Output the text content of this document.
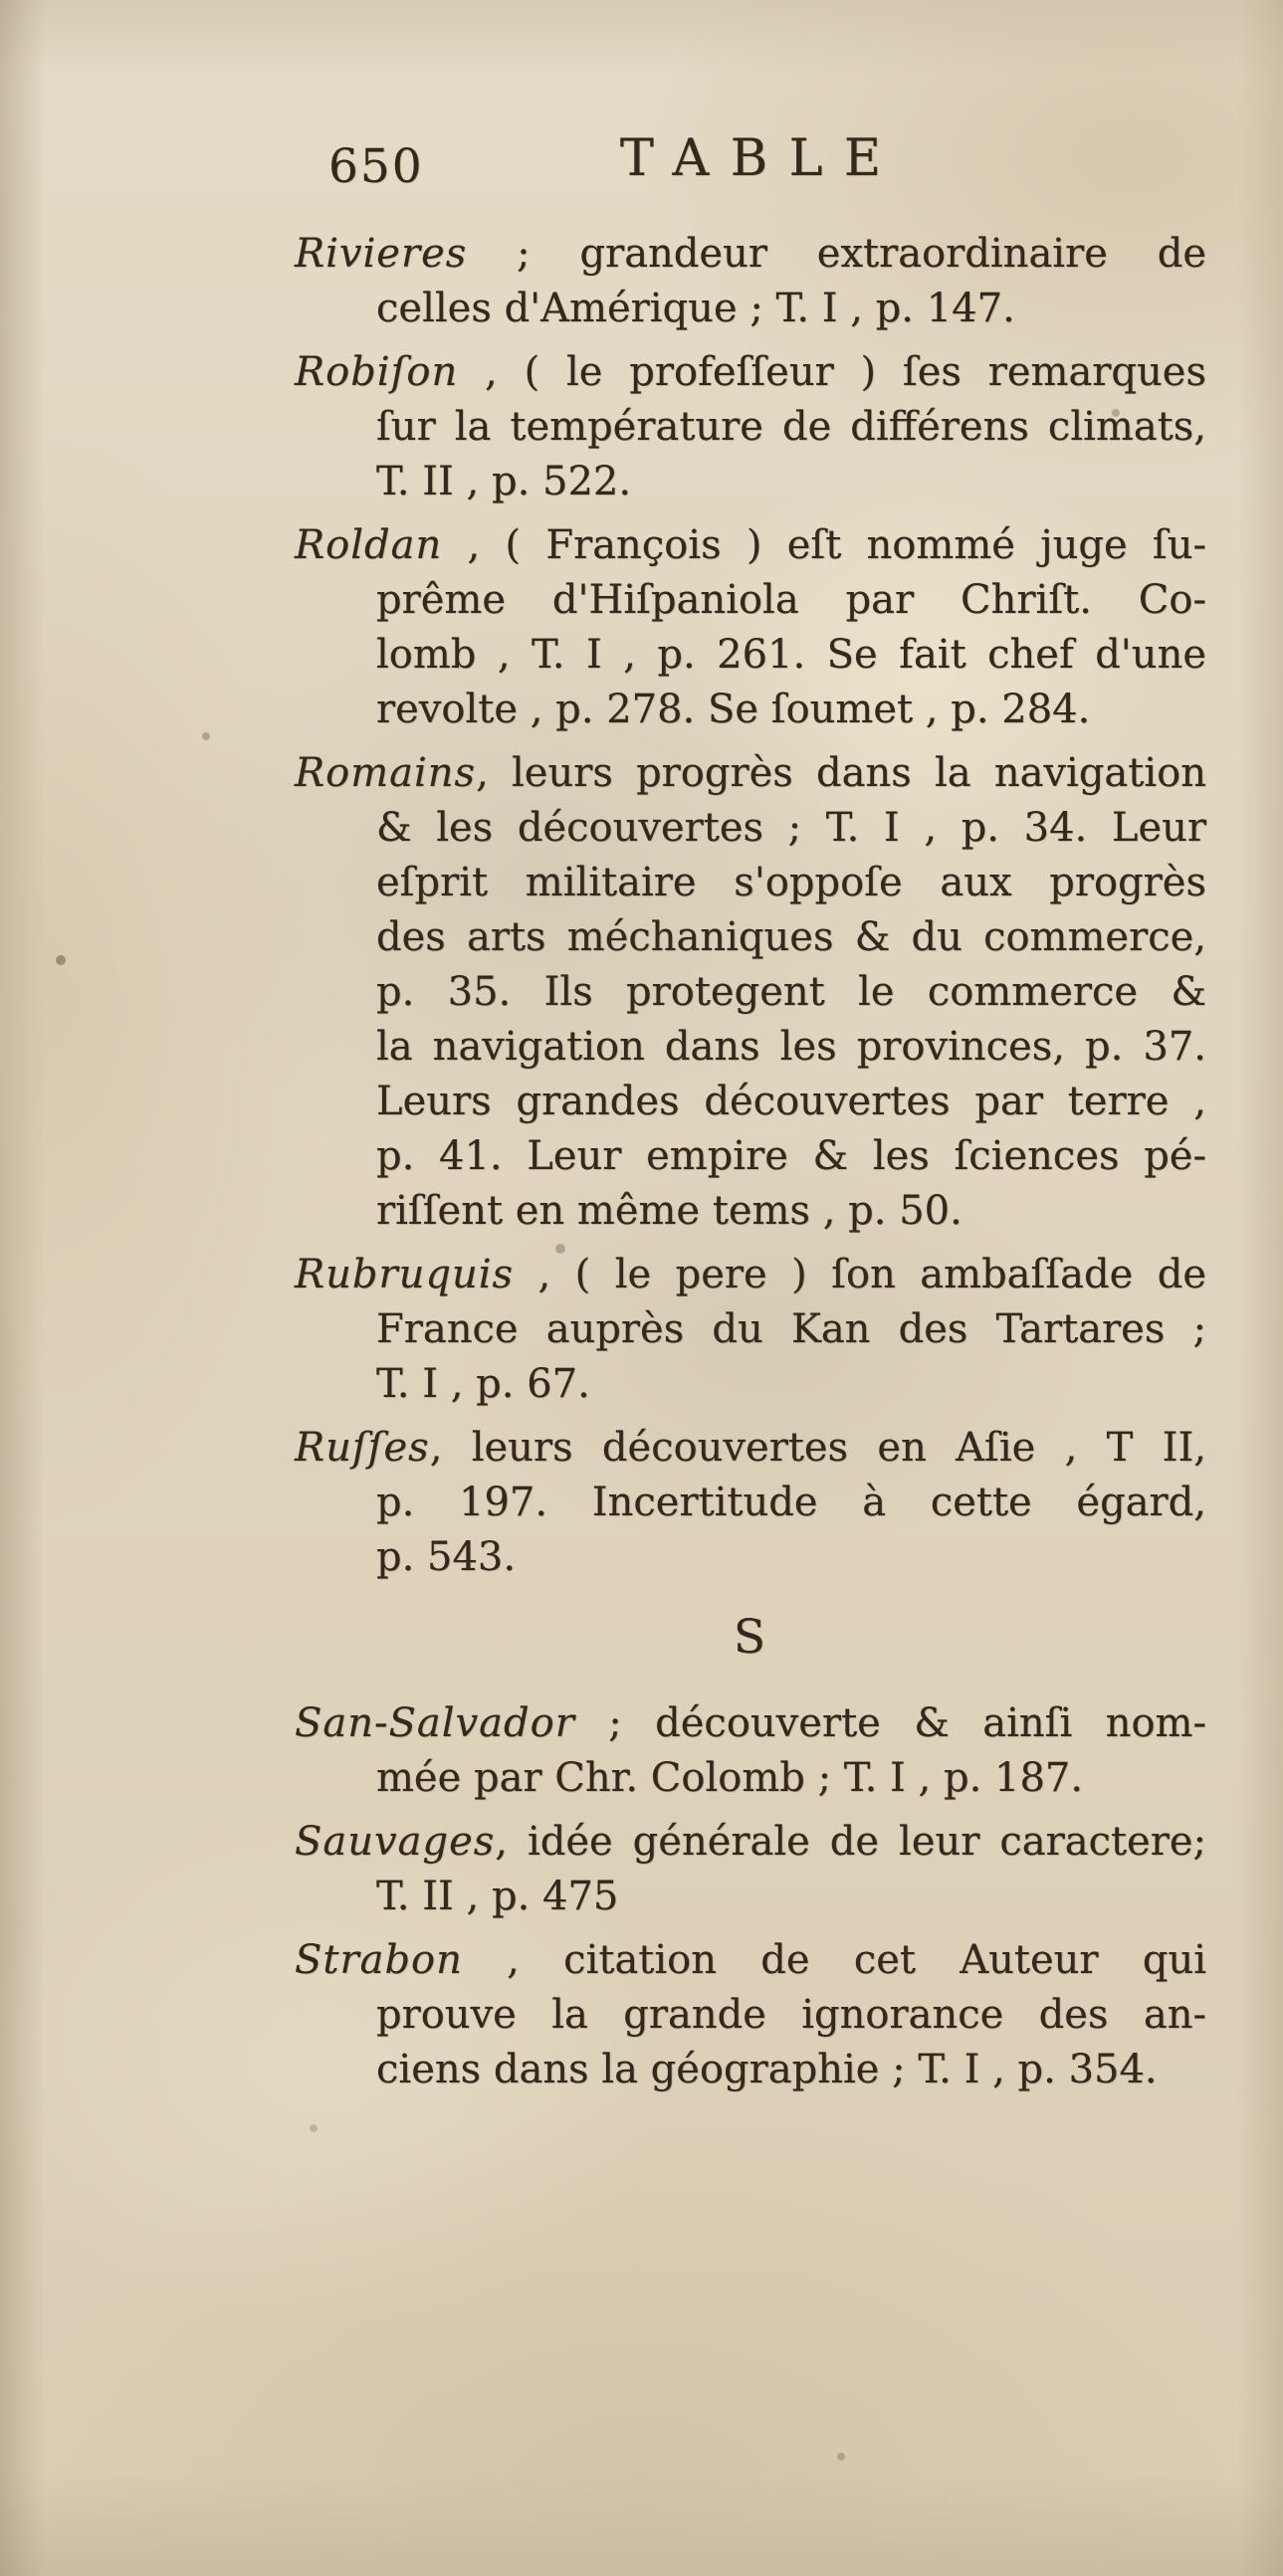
650	TABLE
Rivieres ; grandeur extraordinaire de
celles d'Amérique ; T. I , p. 147.
Robiſon , ( le profeſſeur ) ſes remarques
ſur la température de différens climats,
T. II , p. 522.
Roldan , ( François ) eſt nommé juge ſu-
prême d'Hiſpaniola par Chriſt. Co-
lomb , T. I , p. 261. Se fait chef d'une
revolte , p. 278. Se ſoumet , p. 284.
Romains, leurs progrès dans la navigation
& les découvertes ; T. I , p. 34. Leur
eſprit militaire s'oppoſe aux progrès
des arts méchaniques & du commerce,
p. 35. Ils protegent le commerce &
la navigation dans les provinces, p. 37.
Leurs grandes découvertes par terre ,
p. 41. Leur empire & les ſciences pé-
riſſent en même tems , p. 50.
Rubruquis , ( le pere ) ſon ambaſſade de
France auprès du Kan des Tartares ;
T. I , p. 67.
Ruſſes, leurs découvertes en Aſie , T II,
p. 197. Incertitude à cette égard,
p. 543.
S
San-Salvador ; découverte & ainſi nom-
mée par Chr. Colomb ; T. I , p. 187.
Sauvages, idée générale de leur caractere;
T. II , p. 475
Strabon , citation de cet Auteur qui
prouve la grande ignorance des an-
ciens dans la géographie ; T. I , p. 354.
